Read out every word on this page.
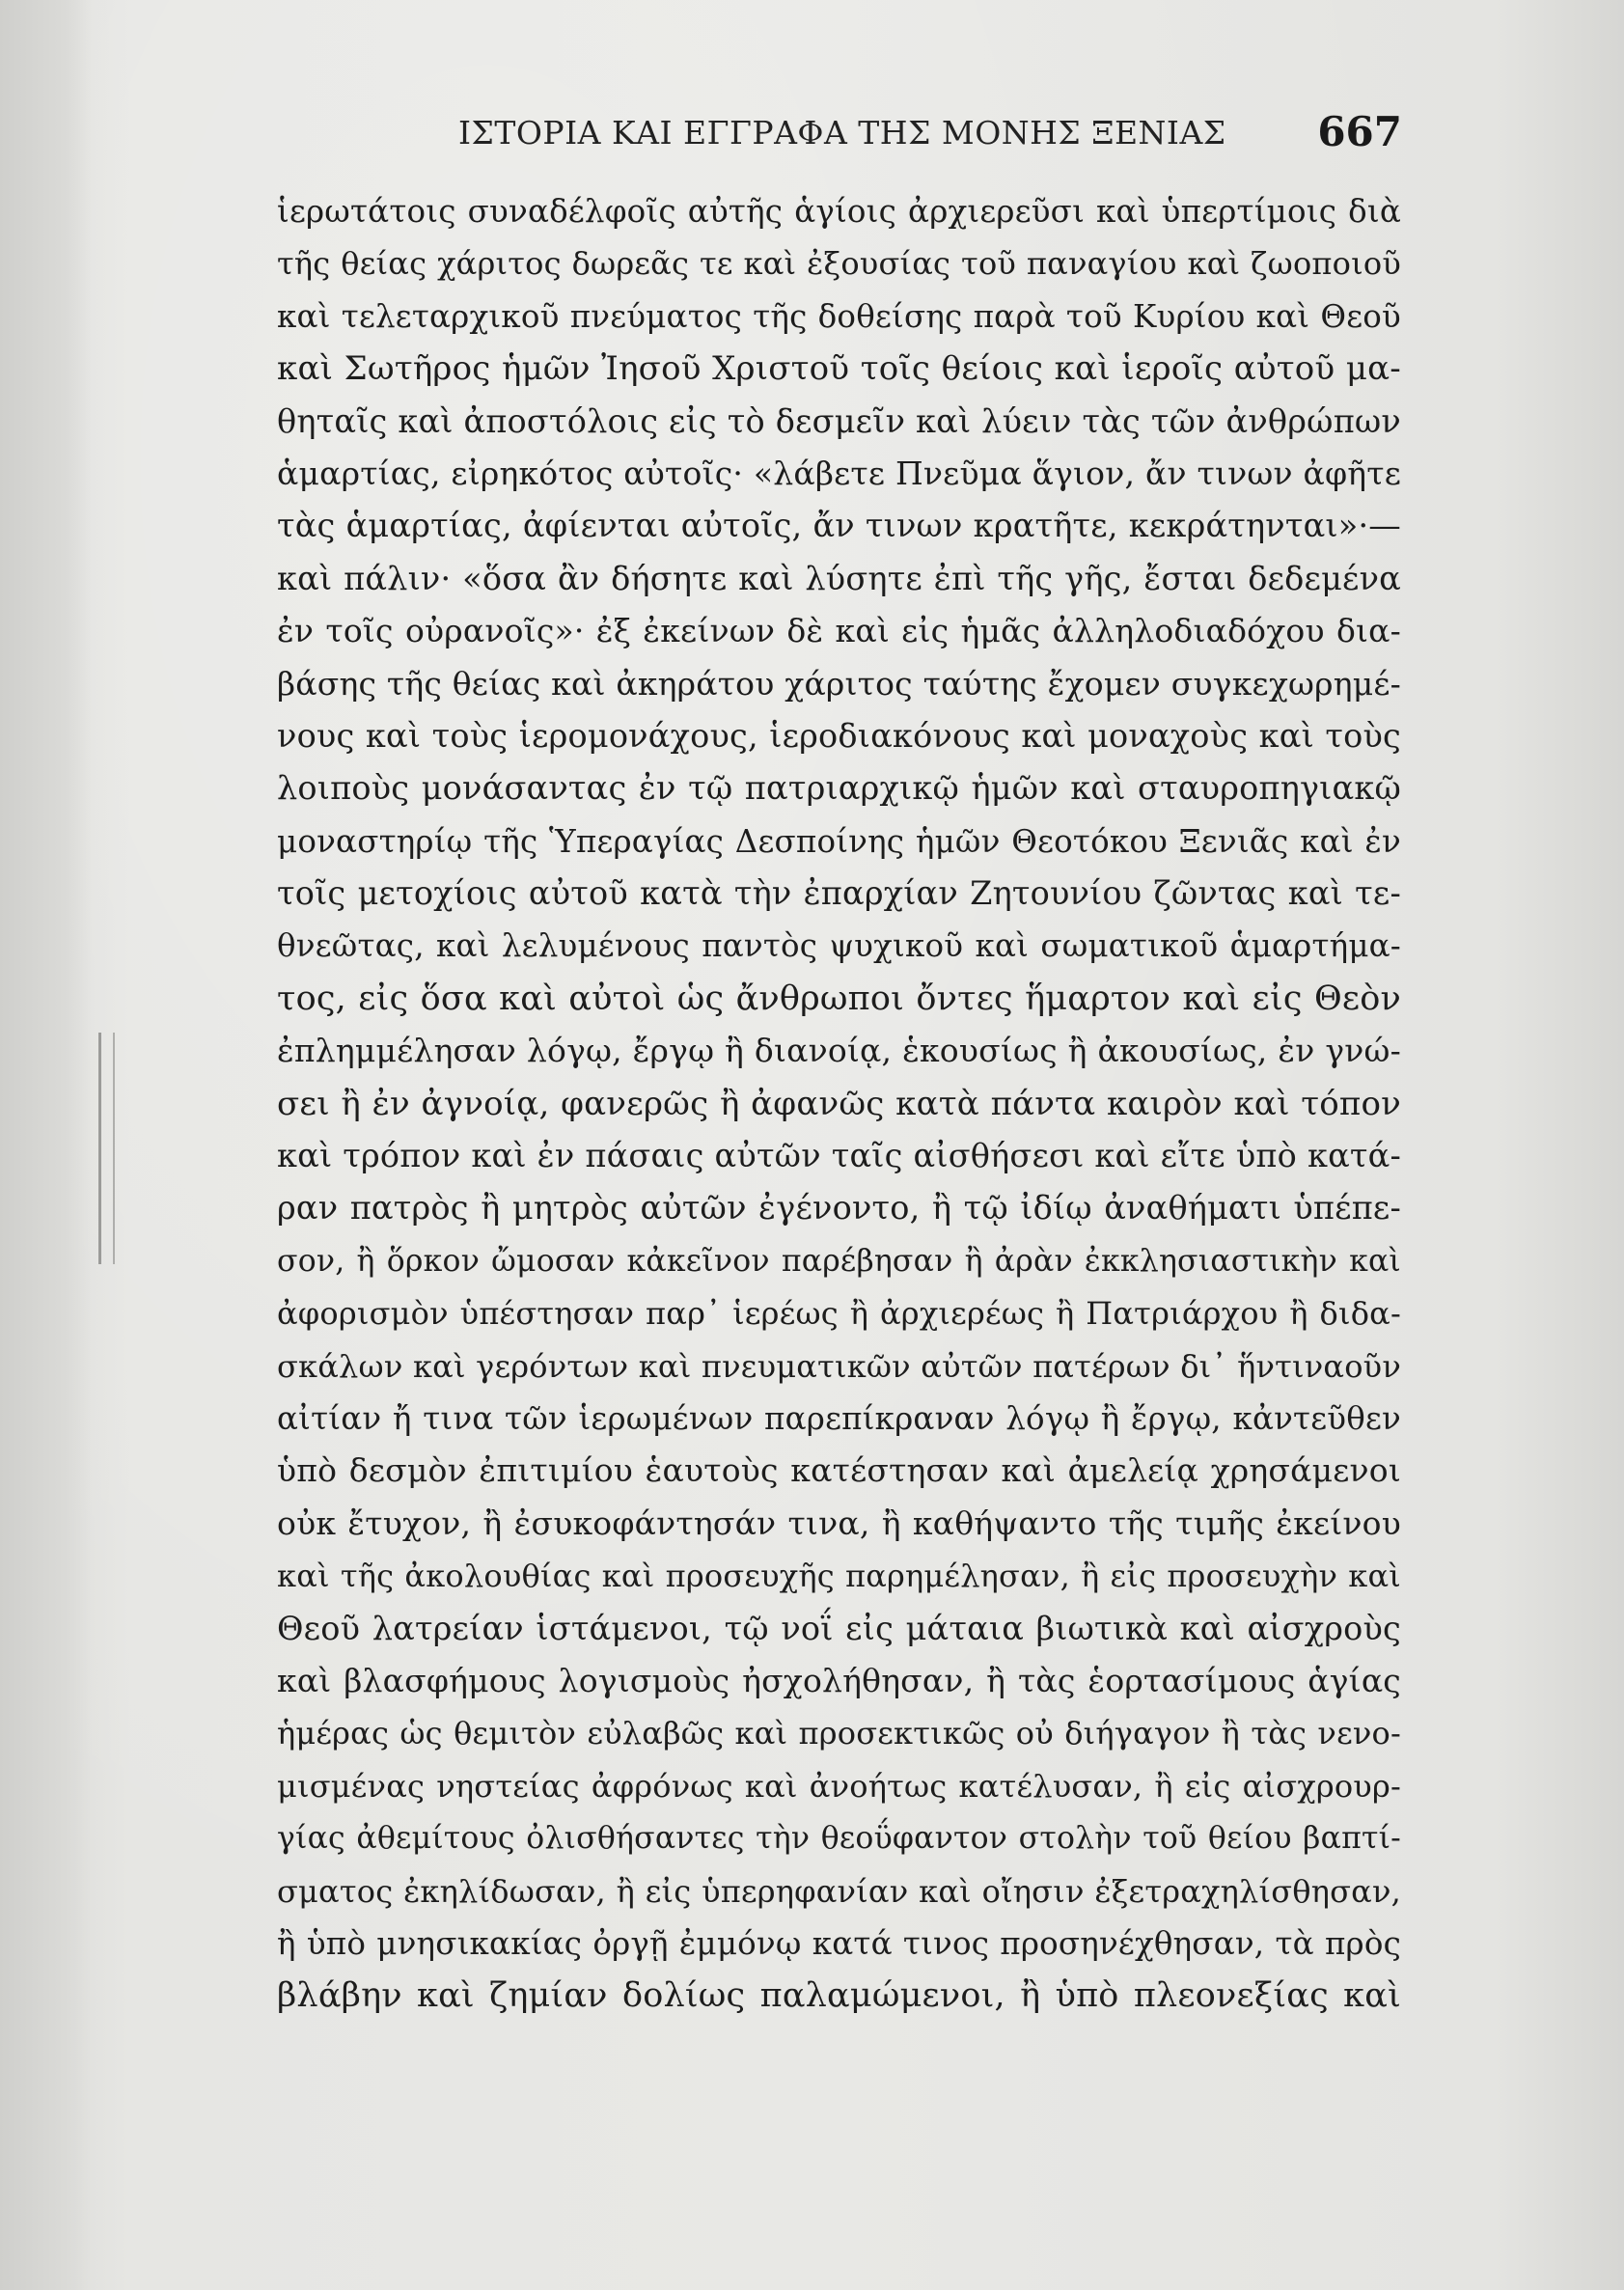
ΙΣΤΟΡΙΑ ΚΑΙ ΕΓΓΡΑΦΑ ΤΗΣ ΜΟΝΗΣ ΞΕΝΙΑΣ 667
ἱερωτάτοις συναδέλφοῖς αὐτῆς ἁγίοις ἀρχιερεῦσι καὶ ὑπερτίμοις διὰ
τῆς θείας χάριτος δωρεᾶς τε καὶ ἐξουσίας τοῦ παναγίου καὶ ζωοποιοῦ
καὶ τελεταρχικοῦ πνεύματος τῆς δοθείσης παρὰ τοῦ Κυρίου καὶ Θεοῦ
καὶ Σωτῆρος ἡμῶν Ἰησοῦ Χριστοῦ τοῖς θείοις καὶ ἱεροῖς αὐτοῦ μα-
θηταῖς καὶ ἀποστόλοις εἰς τὸ δεσμεῖν καὶ λύειν τὰς τῶν ἀνθρώπων
ἁμαρτίας, εἰρηκότος αὐτοῖς· «λάβετε Πνεῦμα ἅγιον, ἄν τινων ἀφῆτε
τὰς ἁμαρτίας, ἀφίενται αὐτοῖς, ἄν τινων κρατῆτε, κεκράτηνται»·—
καὶ πάλιν· «ὅσα ἂν δήσητε καὶ λύσητε ἐπὶ τῆς γῆς, ἔσται δεδεμένα
ἐν τοῖς οὐρανοῖς»· ἐξ ἐκείνων δὲ καὶ εἰς ἡμᾶς ἀλληλοδιαδόχου δια-
βάσης τῆς θείας καὶ ἀκηράτου χάριτος ταύτης ἔχομεν συγκεχωρημέ-
νους καὶ τοὺς ἱερομονάχους, ἱεροδιακόνους καὶ μοναχοὺς καὶ τοὺς
λοιποὺς μονάσαντας ἐν τῷ πατριαρχικῷ ἡμῶν καὶ σταυροπηγιακῷ
μοναστηρίῳ τῆς Ὑπεραγίας Δεσποίνης ἡμῶν Θεοτόκου Ξενιᾶς καὶ ἐν
τοῖς μετοχίοις αὐτοῦ κατὰ τὴν ἐπαρχίαν Ζητουνίου ζῶντας καὶ τε-
θνεῶτας, καὶ λελυμένους παντὸς ψυχικοῦ καὶ σωματικοῦ ἁμαρτήμα-
τος, εἰς ὅσα καὶ αὐτοὶ ὡς ἄνθρωποι ὄντες ἥμαρτον καὶ εἰς Θεὸν
ἐπλημμέλησαν λόγῳ, ἔργῳ ἢ διανοίᾳ, ἑκουσίως ἢ ἀκουσίως, ἐν γνώ-
σει ἢ ἐν ἀγνοίᾳ, φανερῶς ἢ ἀφανῶς κατὰ πάντα καιρὸν καὶ τόπον
καὶ τρόπον καὶ ἐν πάσαις αὐτῶν ταῖς αἰσθήσεσι καὶ εἴτε ὑπὸ κατά-
ραν πατρὸς ἢ μητρὸς αὐτῶν ἐγένοντο, ἢ τῷ ἰδίῳ ἀναθήματι ὑπέπε-
σον, ἢ ὅρκον ὤμοσαν κἀκεῖνον παρέβησαν ἢ ἀρὰν ἐκκλησιαστικὴν καὶ
ἀφορισμὸν ὑπέστησαν παρ᾽ ἱερέως ἢ ἀρχιερέως ἢ Πατριάρχου ἢ διδα-
σκάλων καὶ γερόντων καὶ πνευματικῶν αὐτῶν πατέρων δι᾽ ἥντιναοῦν
αἰτίαν ἤ τινα τῶν ἱερωμένων παρεπίκραναν λόγῳ ἢ ἔργῳ, κἀντεῦθεν
ὑπὸ δεσμὸν ἐπιτιμίου ἑαυτοὺς κατέστησαν καὶ ἀμελείᾳ χρησάμενοι
οὐκ ἔτυχον, ἢ ἐσυκοφάντησάν τινα, ἢ καθήψαντο τῆς τιμῆς ἐκείνου
καὶ τῆς ἀκολουθίας καὶ προσευχῆς παρημέλησαν, ἢ εἰς προσευχὴν καὶ
Θεοῦ λατρείαν ἱστάμενοι, τῷ νοΐ εἰς μάταια βιωτικὰ καὶ αἰσχροὺς
καὶ βλασφήμους λογισμοὺς ἠσχολήθησαν, ἢ τὰς ἑορτασίμους ἁγίας
ἡμέρας ὡς θεμιτὸν εὐλαβῶς καὶ προσεκτικῶς οὐ διήγαγον ἢ τὰς νενο-
μισμένας νηστείας ἀφρόνως καὶ ἀνοήτως κατέλυσαν, ἢ εἰς αἰσχρουρ-
γίας ἀθεμίτους ὀλισθήσαντες τὴν θεοΰφαντον στολὴν τοῦ θείου βαπτί-
σματος ἐκηλίδωσαν, ἢ εἰς ὑπερηφανίαν καὶ οἴησιν ἐξετραχηλίσθησαν,
ἢ ὑπὸ μνησικακίας ὀργῇ ἐμμόνῳ κατά τινος προσηνέχθησαν, τὰ πρὸς
βλάβην καὶ ζημίαν δολίως παλαμώμενοι, ἢ ὑπὸ πλεονεξίας καὶ
